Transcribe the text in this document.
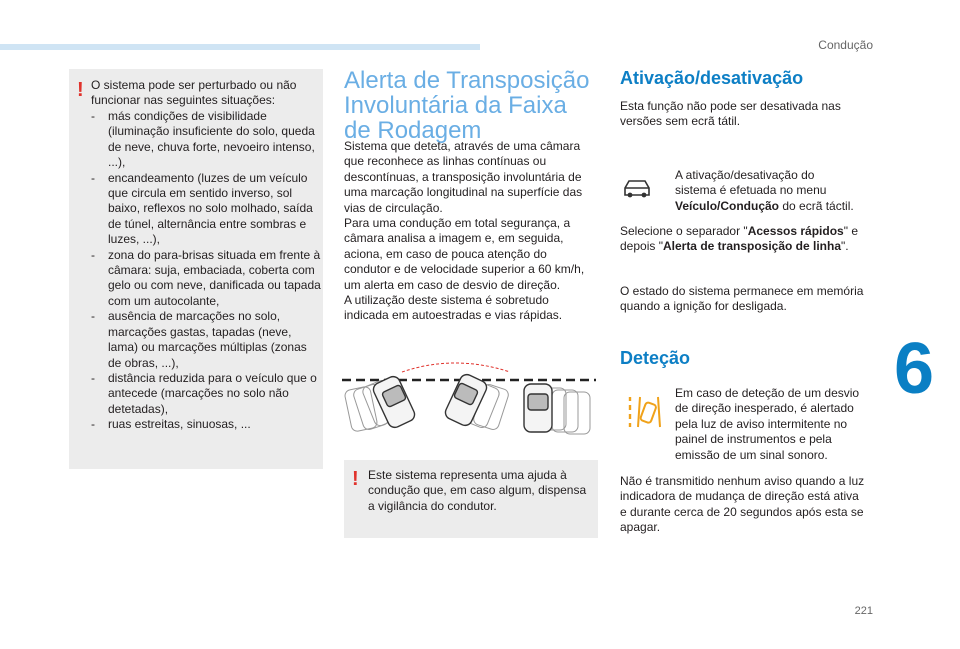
Condução
6
221
! O sistema pode ser perturbado ou não funcionar nas seguintes situações:
- más condições de visibilidade (iluminação insuficiente do solo, queda de neve, chuva forte, nevoeiro intenso, ...),
- encandeamento (luzes de um veículo que circula em sentido inverso, sol baixo, reflexos no solo molhado, saída de túnel, alternância entre sombras e luzes, ...),
- zona do para-brisas situada em frente à câmara: suja, embaciada, coberta com gelo ou com neve, danificada ou tapada com um autocolante,
- ausência de marcações no solo, marcações gastas, tapadas (neve, lama) ou marcações múltiplas (zonas de obras, ...),
- distância reduzida para o veículo que o antecede (marcações no solo não detetadas),
- ruas estreitas, sinuosas, ...
Alerta de Transposição Involuntária da Faixa de Rodagem
Sistema que deteta, através de uma câmara que reconhece as linhas contínuas ou descontínuas, a transposição involuntária de uma marcação longitudinal na superfície das vias de circulação.
Para uma condução em total segurança, a câmara analisa a imagem e, em seguida, aciona, em caso de pouca atenção do condutor e de velocidade superior a 60 km/h, um alerta em caso de desvio de direção.
A utilização deste sistema é sobretudo indicada em autoestradas e vias rápidas.
! Este sistema representa uma ajuda à condução que, em caso algum, dispensa a vigilância do condutor.
Ativação/desativação
Esta função não pode ser desativada nas versões sem ecrã tátil.
A ativação/desativação do sistema é efetuada no menu Veículo/Condução do ecrã táctil.
Selecione o separador "Acessos rápidos" e depois "Alerta de transposição de linha".
O estado do sistema permanece em memória quando a ignição for desligada.
Deteção
Em caso de deteção de um desvio de direção inesperado, é alertado pela luz de aviso intermitente no painel de instrumentos e pela emissão de um sinal sonoro.
Não é transmitido nenhum aviso quando a luz indicadora de mudança de direção está ativa e durante cerca de 20 segundos após esta se apagar.
